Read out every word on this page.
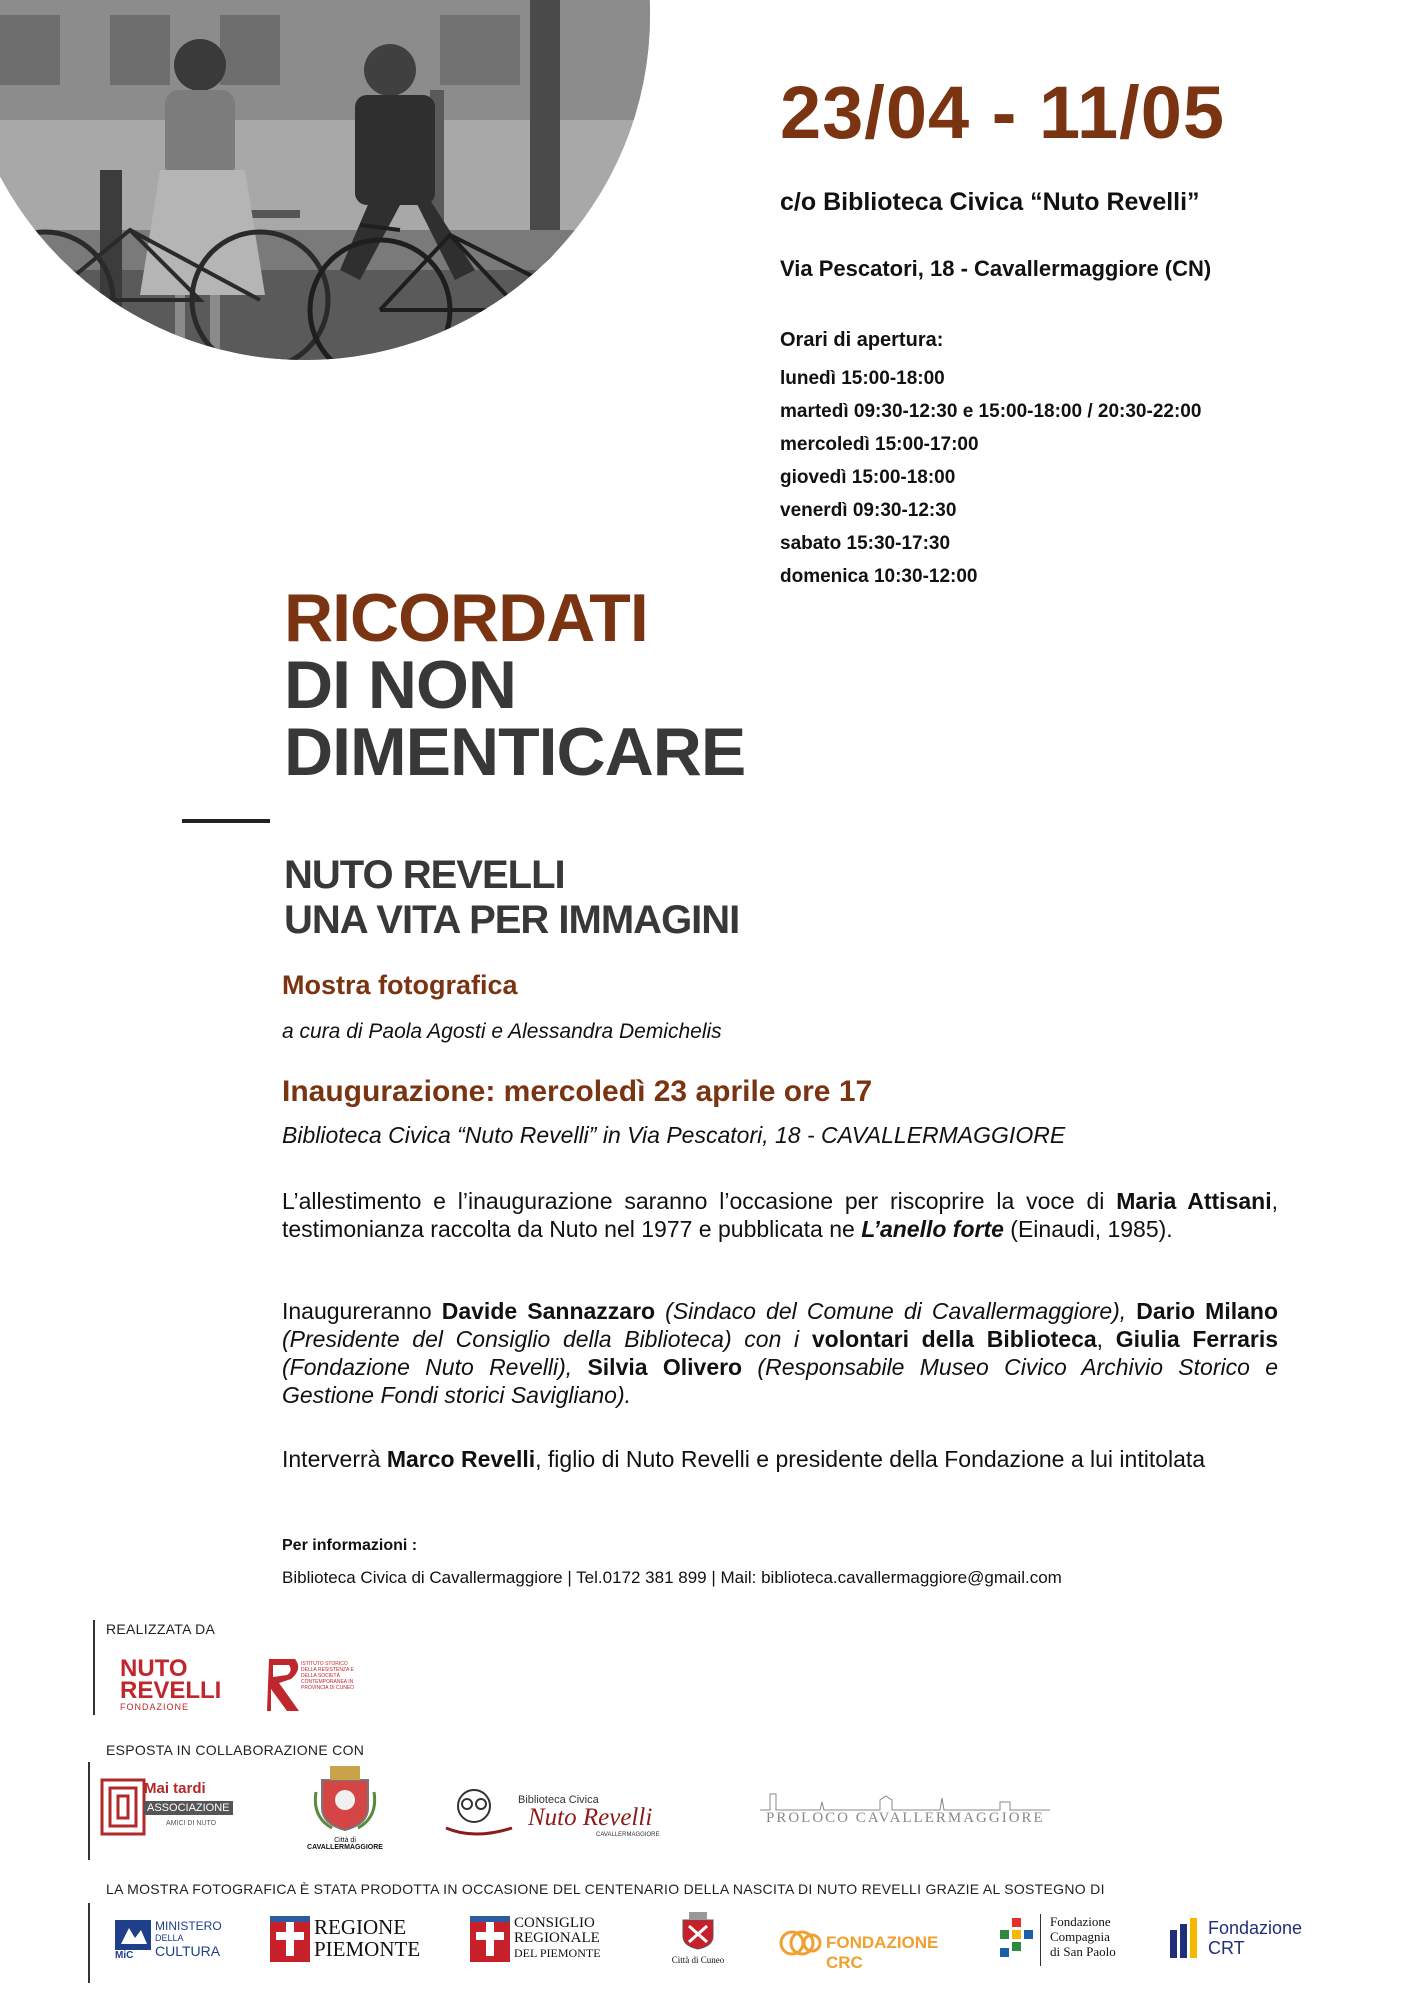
23/04 - 11/05
c/o Biblioteca Civica “Nuto Revelli”
Via Pescatori, 18 - Cavallermaggiore (CN)
Orari di apertura:
lunedì 15:00-18:00
martedì 09:30-12:30 e 15:00-18:00 / 20:30-22:00
mercoledì 15:00-17:00
giovedì 15:00-18:00
venerdì 09:30-12:30
sabato 15:30-17:30
domenica 10:30-12:00
RICORDATI
DI NON
DIMENTICARE
NUTO REVELLI
UNA VITA PER IMMAGINI
Mostra fotografica
a cura di Paola Agosti e Alessandra Demichelis
Inaugurazione: mercoledì 23 aprile ore 17
Biblioteca Civica “Nuto Revelli” in Via Pescatori, 18 - CAVALLERMAGGIORE
L’allestimento e l’inaugurazione saranno l’occasione per riscoprire la voce di Maria Attisani, testimonianza raccolta da Nuto nel 1977 e pubblicata ne L’anello forte (Einaudi, 1985).
Inaugureranno Davide Sannazzaro (Sindaco del Comune di Cavallermaggiore), Dario Milano (Presidente del Consiglio della Biblioteca) con i volontari della Biblioteca, Giulia Ferraris (Fondazione Nuto Revelli), Silvia Olivero (Responsabile Museo Civico Archivio Storico e Gestione Fondi storici Savigliano).
Interverrà Marco Revelli, figlio di Nuto Revelli e presidente della Fondazione a lui intitolata
Per informazioni :
Biblioteca Civica di Cavallermaggiore | Tel.0172 381 899 | Mail: biblioteca.cavallermaggiore@gmail.com
REALIZZATA DA
NUTO
REVELLI
FONDAZIONE
ISTITUTO STORICO DELLA RESISTENZA E DELLA SOCIETÀ CONTEMPORANEA IN PROVINCIA DI CUNEO
ESPOSTA IN COLLABORAZIONE CON
Mai tardi
ASSOCIAZIONE
AMICI DI NUTO
Città di
CAVALLERMAGGIORE
Biblioteca Civica
Nuto Revelli
CAVALLERMAGGIORE
PROLOCO CAVALLERMAGGIORE
LA MOSTRA FOTOGRAFICA È STATA PRODOTTA IN OCCASIONE DEL CENTENARIO DELLA NASCITA DI NUTO REVELLI GRAZIE AL SOSTEGNO DI
MiC
MINISTERO
DELLA
CULTURA
REGIONE
PIEMONTE
CONSIGLIO
REGIONALE
DEL PIEMONTE	Città di Cuneo
FONDAZIONE CRC
Fondazione
Compagnia
di San Paolo
Fondazione
CRT
